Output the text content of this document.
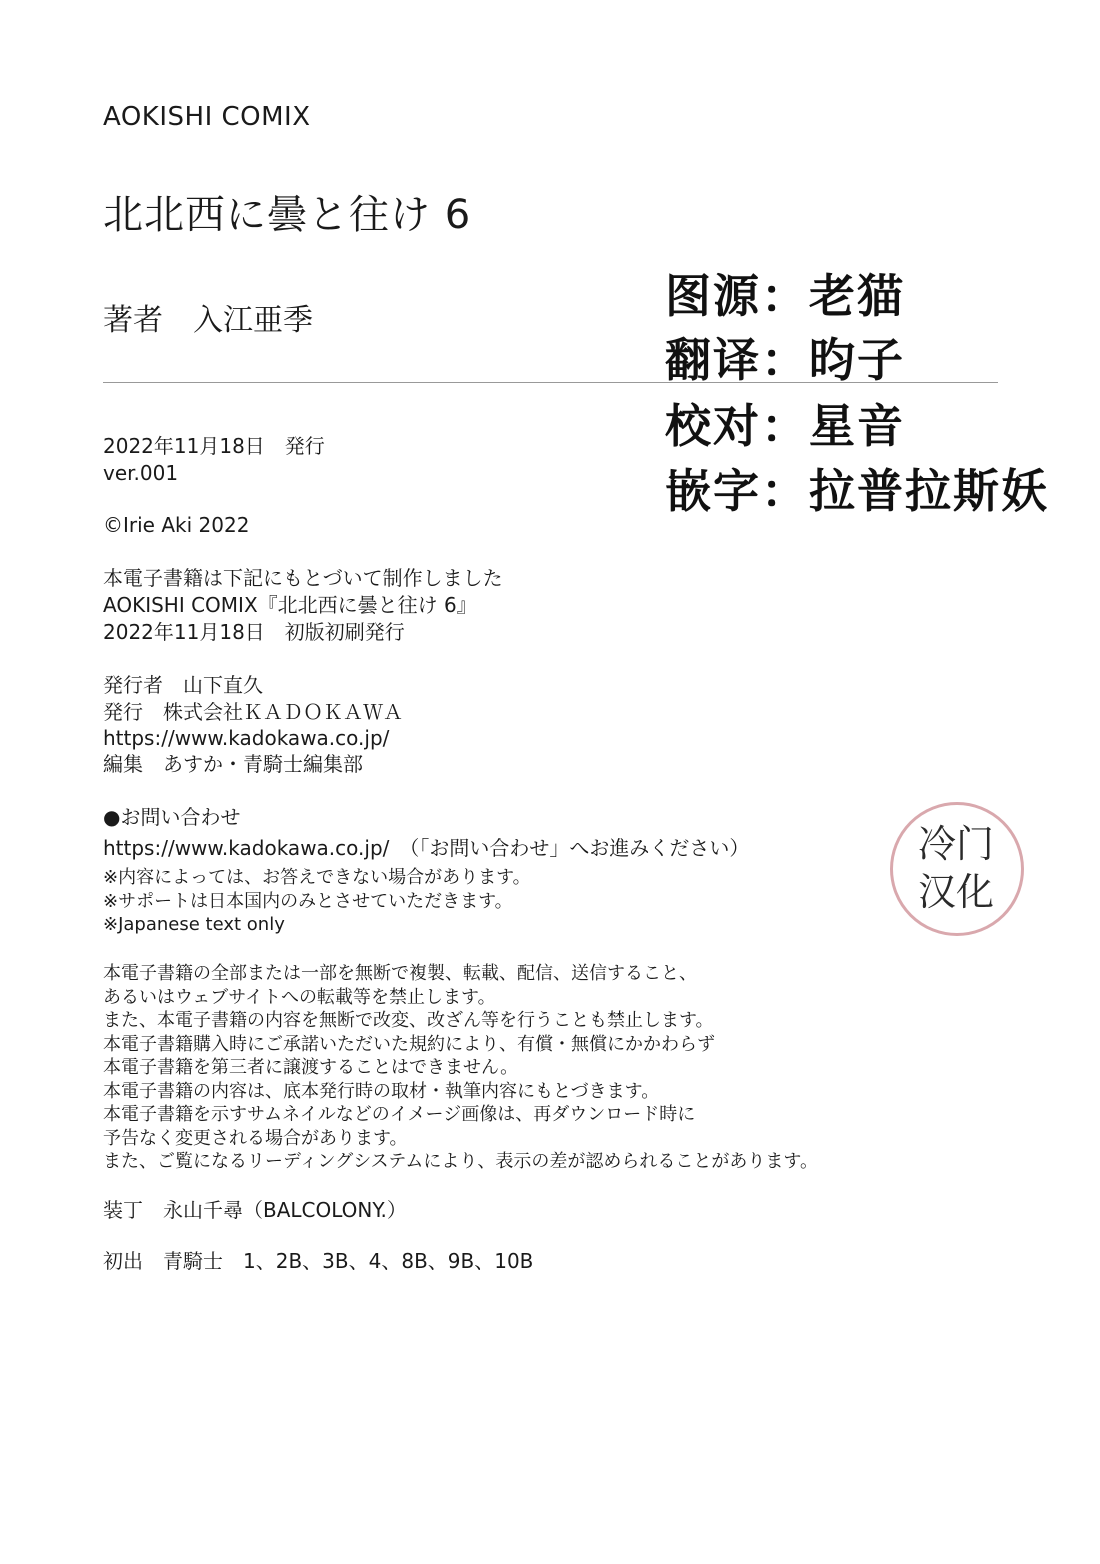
AOKISHI COMIX
北北西に曇と往け 6
著者　入江亜季	图源：老猫
翻译：昀子
校对：星音
嵌字：拉普拉斯妖
2022年11月18日　発行
ver.001
©Irie Aki 2022
本電子書籍は下記にもとづいて制作しました
AOKISHI COMIX『北北西に曇と往け 6』
2022年11月18日　初版初刷発行
発行者　山下直久
発行　株式会社ＫＡＤＯＫＡＷＡ
https://www.kadokawa.co.jp/
編集　あすか・青騎士編集部
●お問い合わせ
https://www.kadokawa.co.jp/　（「お問い合わせ」へお進みください）
※内容によっては、お答えできない場合があります。
※サポートは日本国内のみとさせていただきます。
※Japanese text only
本電子書籍の全部または一部を無断で複製、転載、配信、送信すること、
あるいはウェブサイトへの転載等を禁止します。
また、本電子書籍の内容を無断で改変、改ざん等を行うことも禁止します。
本電子書籍購入時にご承諾いただいた規約により、有償・無償にかかわらず
本電子書籍を第三者に譲渡することはできません。
本電子書籍の内容は、底本発行時の取材・執筆内容にもとづきます。
本電子書籍を示すサムネイルなどのイメージ画像は、再ダウンロード時に
予告なく変更される場合があります。
また、ご覧になるリーディングシステムにより、表示の差が認められることがあります。
装丁　永山千尋（BALCOLONY.）
初出　青騎士　1、2B、3B、4、8B、9B、10B
冷门
汉化
